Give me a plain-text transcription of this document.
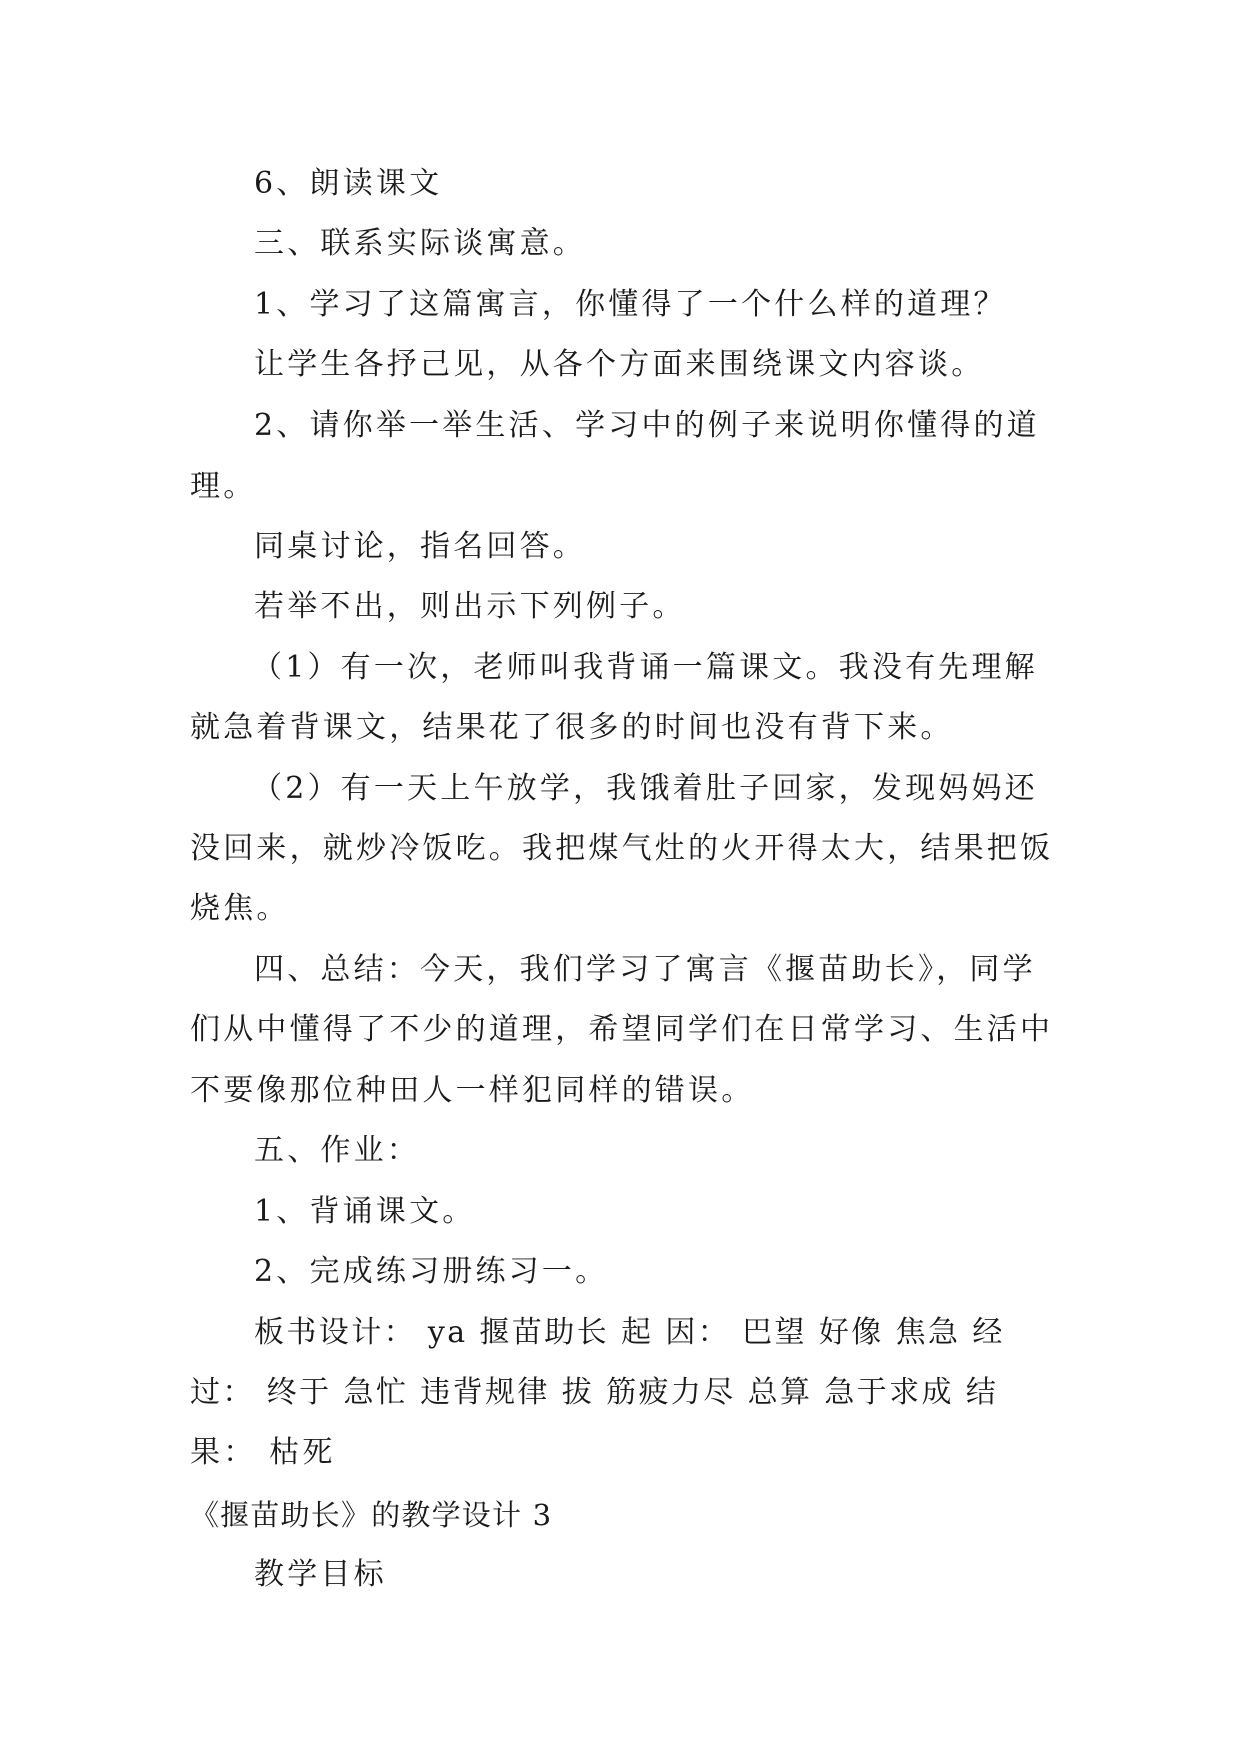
6、朗读课文
三、联系实际谈寓意。
1、学习了这篇寓言，你懂得了一个什么样的道理？
让学生各抒己见，从各个方面来围绕课文内容谈。
2、请你举一举生活、学习中的例子来说明你懂得的道
理。
同桌讨论，指名回答。
若举不出，则出示下列例子。
（1）有一次，老师叫我背诵一篇课文。我没有先理解
就急着背课文，结果花了很多的时间也没有背下来。
（2）有一天上午放学，我饿着肚子回家，发现妈妈还
没回来，就炒冷饭吃。我把煤气灶的火开得太大，结果把饭
烧焦。
四、总结：今天，我们学习了寓言《揠苗助长》，同学
们从中懂得了不少的道理，希望同学们在日常学习、生活中
不要像那位种田人一样犯同样的错误。
五、作业：
1、背诵课文。
2、完成练习册练习一。
板书设计： ya 揠苗助长 起 因： 巴望 好像 焦急 经
过： 终于 急忙 违背规律 拔 筋疲力尽 总算 急于求成 结
果： 枯死
《揠苗助长》的教学设计 3
教学目标
